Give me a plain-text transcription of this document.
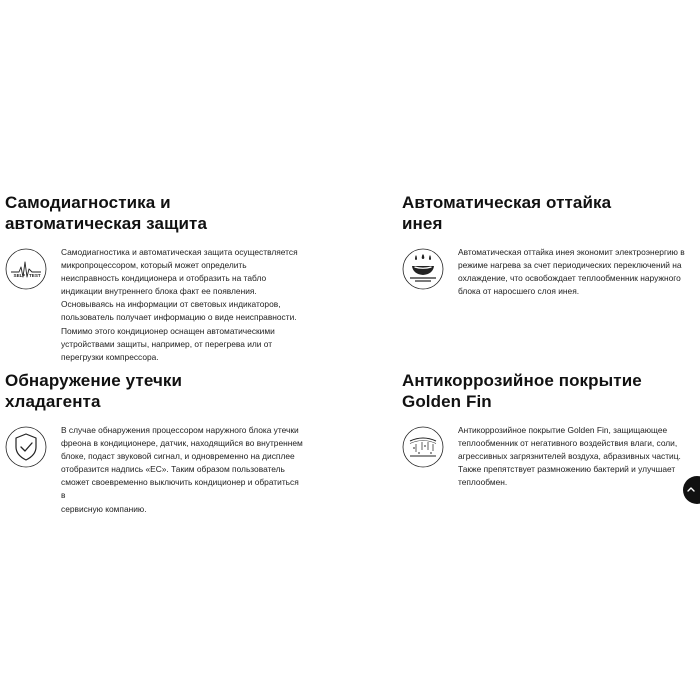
Самодиагностика и
автоматическая защита
SELF TEST

Самодиагностика и автоматическая защита осуществляется
микропроцессором, который может определить
неисправность кондиционера и отобразить на табло
индикации внутреннего блока факт ее появления.
Основываясь на информации от световых индикаторов,
пользователь получает информацию о виде неисправности.
Помимо этого кондиционер оснащен автоматическими
устройствами защиты, например, от перегрева или от
перегрузки компрессора.

Автоматическая оттайка
инея

Автоматическая оттайка инея экономит электроэнергию в
режиме нагрева за счет периодических переключений на
охлаждение, что освобождает теплообменник наружного
блока от наросшего слоя инея.

Обнаружение утечки
хладагента

В случае обнаружения процессором наружного блока утечки
фреона в кондиционере, датчик, находящийся во внутреннем
блоке, подаст звуковой сигнал, и одновременно на дисплее
отобразится надпись «EC». Таким образом пользователь
сможет своевременно выключить кондиционер и обратиться в
сервисную компанию.

Антикоррозийное покрытие
Golden Fin

Антикоррозийное покрытие Golden Fin, защищающее
теплообменник от негативного воздействия влаги, соли,
агрессивных загрязнителей воздуха, абразивных частиц.
Также препятствует размножению бактерий и улучшает
теплообмен.
